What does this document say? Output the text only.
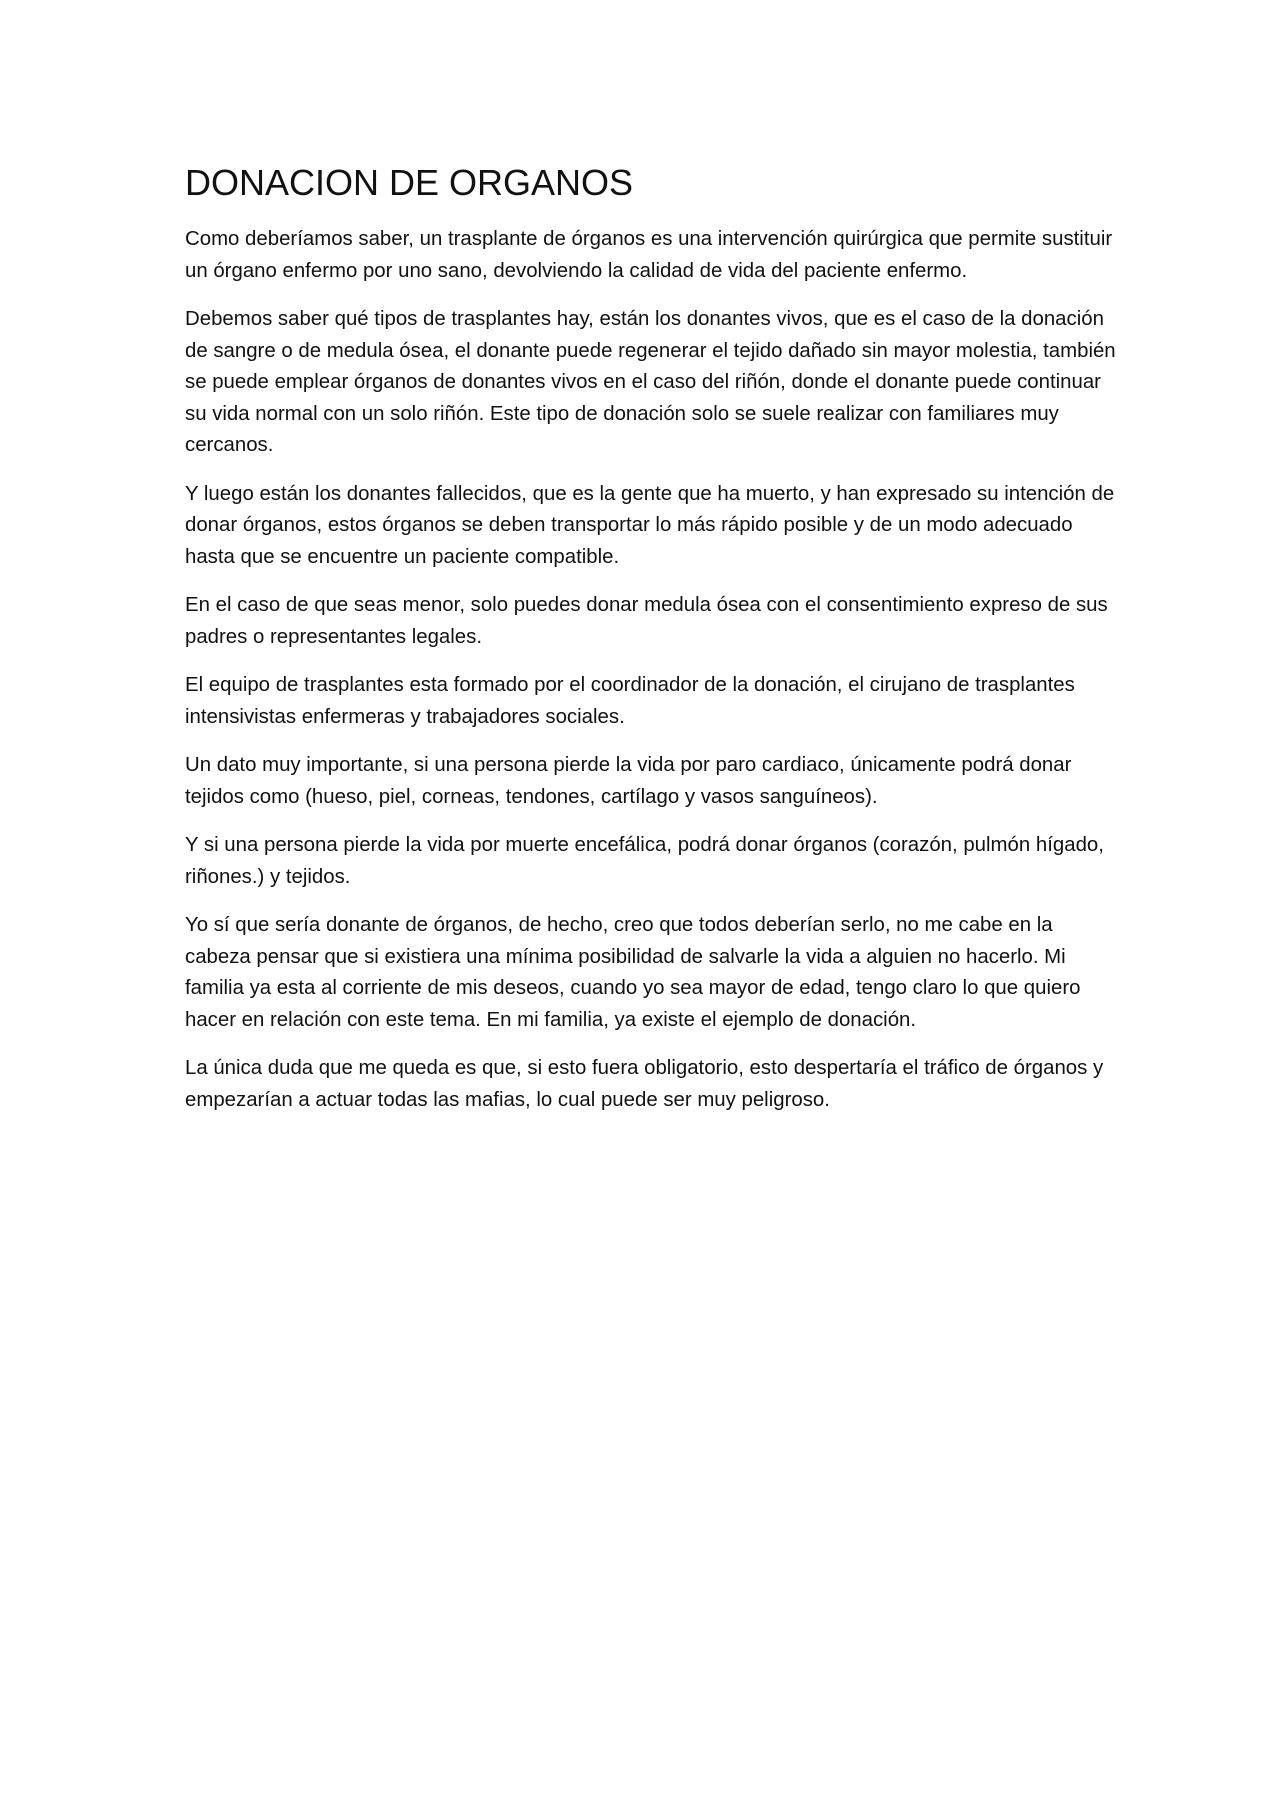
DONACION DE ORGANOS

Como deberíamos saber, un trasplante de órganos es una intervención quirúrgica que permite sustituir un órgano enfermo por uno sano, devolviendo la calidad de vida del paciente enfermo.

Debemos saber qué tipos de trasplantes hay, están los donantes vivos, que es el caso de la donación de sangre o de medula ósea, el donante puede regenerar el tejido dañado sin mayor molestia, también se puede emplear órganos de donantes vivos en el caso del riñón, donde el donante puede continuar su vida normal con un solo riñón. Este tipo de donación solo se suele realizar con familiares muy cercanos.

Y luego están los donantes fallecidos, que es la gente que ha muerto, y han expresado su intención de donar órganos, estos órganos se deben transportar lo más rápido posible y de un modo adecuado hasta que se encuentre un paciente compatible.

En el caso de que seas menor, solo puedes donar medula ósea con el consentimiento expreso de sus padres o representantes legales.

El equipo de trasplantes esta formado por el coordinador de la donación, el cirujano de trasplantes intensivistas enfermeras y trabajadores sociales.

Un dato muy importante, si una persona pierde la vida por paro cardiaco, únicamente podrá donar tejidos como (hueso, piel, corneas, tendones, cartílago y vasos sanguíneos).

Y si una persona pierde la vida por muerte encefálica, podrá donar órganos (corazón, pulmón hígado, riñones.) y tejidos.

Yo sí que sería donante de órganos, de hecho, creo que todos deberían serlo, no me cabe en la cabeza pensar que si existiera una mínima posibilidad de salvarle la vida a alguien no hacerlo. Mi familia ya esta al corriente de mis deseos, cuando yo sea mayor de edad, tengo claro lo que quiero hacer en relación con este tema. En mi familia, ya existe el ejemplo de donación.

La única duda que me queda es que, si esto fuera obligatorio, esto despertaría el tráfico de órganos y empezarían a actuar todas las mafias, lo cual puede ser muy peligroso.
